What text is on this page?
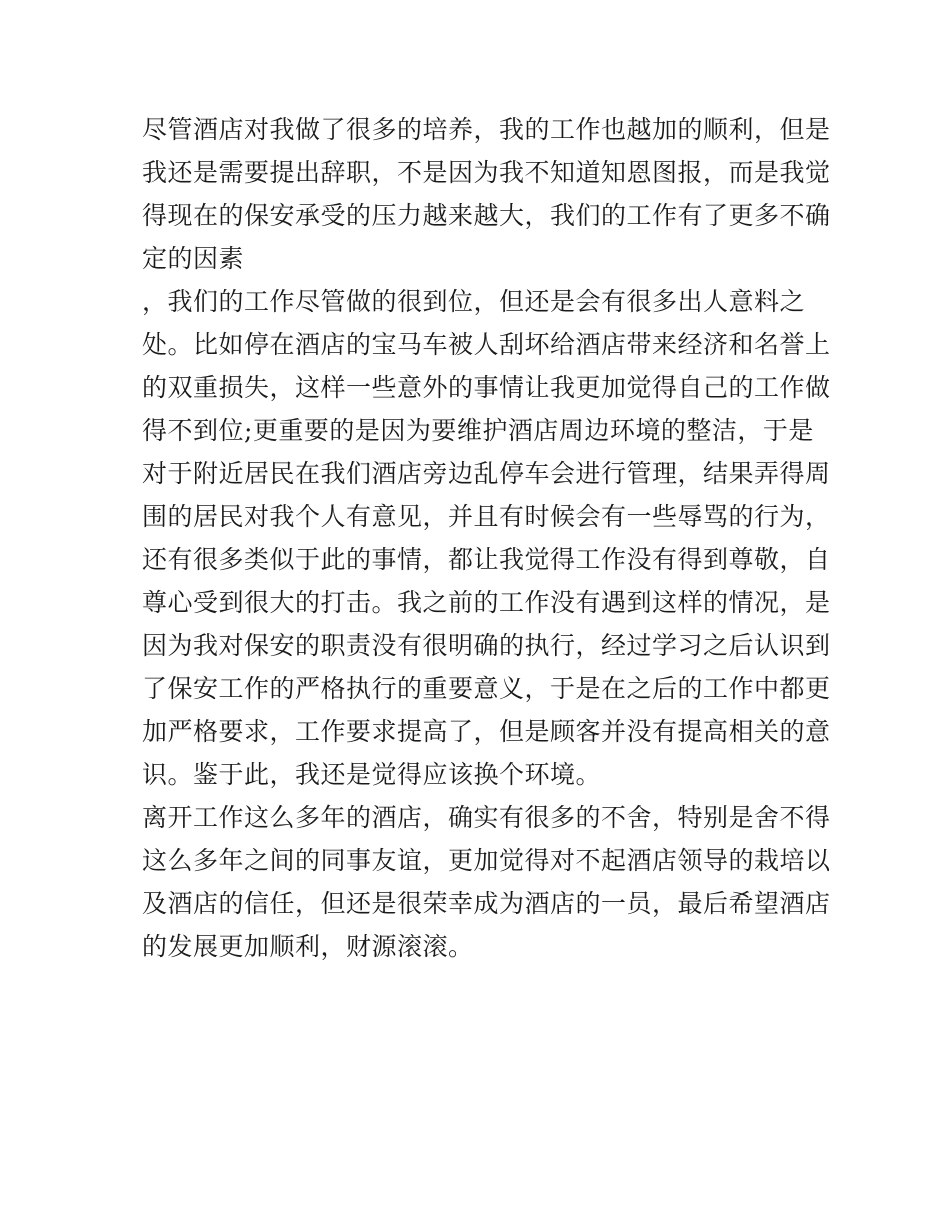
尽管酒店对我做了很多的培养，我的工作也越加的顺利，但是
我还是需要提出辞职，不是因为我不知道知恩图报，而是我觉
得现在的保安承受的压力越来越大，我们的工作有了更多不确
定的因素
，我们的工作尽管做的很到位，但还是会有很多出人意料之
处。比如停在酒店的宝马车被人刮坏给酒店带来经济和名誉上
的双重损失，这样一些意外的事情让我更加觉得自己的工作做
得不到位;更重要的是因为要维护酒店周边环境的整洁，于是
对于附近居民在我们酒店旁边乱停车会进行管理，结果弄得周
围的居民对我个人有意见，并且有时候会有一些辱骂的行为，
还有很多类似于此的事情，都让我觉得工作没有得到尊敬，自
尊心受到很大的打击。我之前的工作没有遇到这样的情况，是
因为我对保安的职责没有很明确的执行，经过学习之后认识到
了保安工作的严格执行的重要意义，于是在之后的工作中都更
加严格要求，工作要求提高了，但是顾客并没有提高相关的意
识。鉴于此，我还是觉得应该换个环境。
离开工作这么多年的酒店，确实有很多的不舍，特别是舍不得
这么多年之间的同事友谊，更加觉得对不起酒店领导的栽培以
及酒店的信任，但还是很荣幸成为酒店的一员，最后希望酒店
的发展更加顺利，财源滚滚。
